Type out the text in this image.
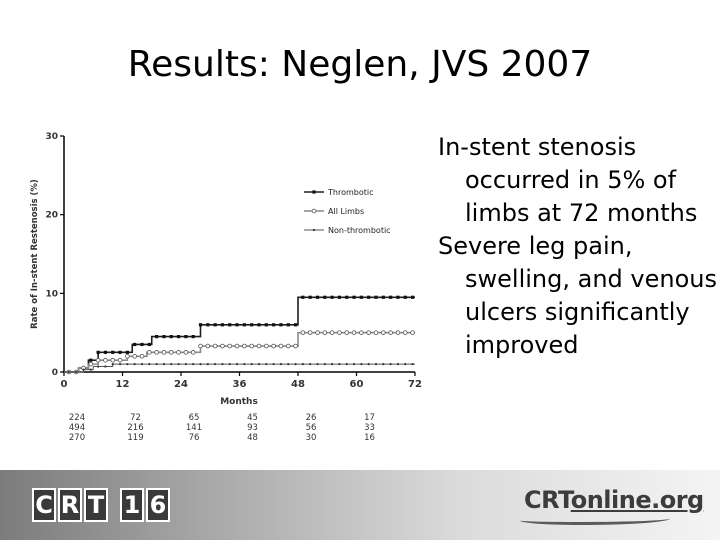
Results: Neglen, JVS 2007
0
10
20
30
0	12	24	36	48	60	72
Months
Rate of In-stent Restenosis (%)	Thrombotic
All Limbs
Non-thrombotic
224	72	65	45	26	17
494	216	141	93	56	33
270	119	76	48	30	16
In-stent stenosis occurred in 5% of limbs at 72 months
Severe leg pain, swelling, and venous ulcers significantly improved
C R T 1 6	CRTonline.org
